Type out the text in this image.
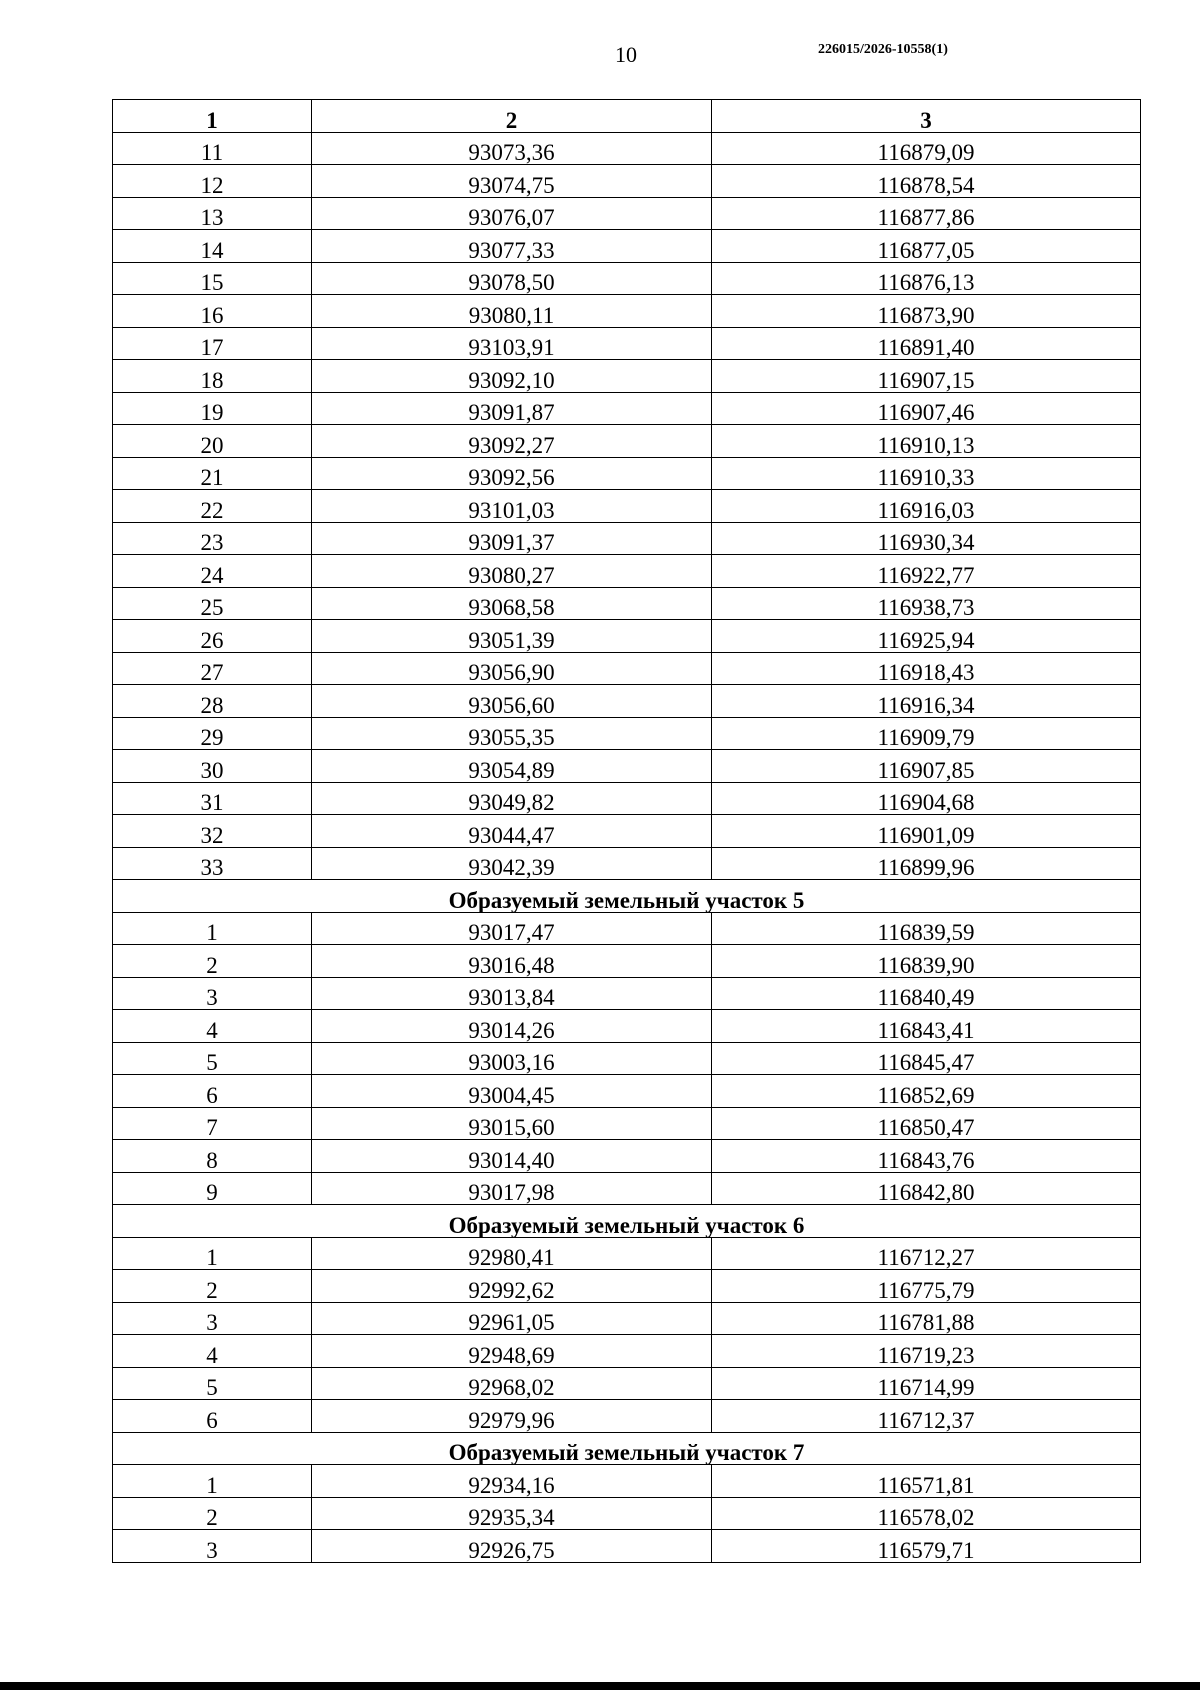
10	226015/2026-10558(1)
1	2	3
11	93073,36	116879,09
12	93074,75	116878,54
13	93076,07	116877,86
14	93077,33	116877,05
15	93078,50	116876,13
16	93080,11	116873,90
17	93103,91	116891,40
18	93092,10	116907,15
19	93091,87	116907,46
20	93092,27	116910,13
21	93092,56	116910,33
22	93101,03	116916,03
23	93091,37	116930,34
24	93080,27	116922,77
25	93068,58	116938,73
26	93051,39	116925,94
27	93056,90	116918,43
28	93056,60	116916,34
29	93055,35	116909,79
30	93054,89	116907,85
31	93049,82	116904,68
32	93044,47	116901,09
33	93042,39	116899,96
Образуемый земельный участок 5		
1	93017,47	116839,59
2	93016,48	116839,90
3	93013,84	116840,49
4	93014,26	116843,41
5	93003,16	116845,47
6	93004,45	116852,69
7	93015,60	116850,47
8	93014,40	116843,76
9	93017,98	116842,80
Образуемый земельный участок 6		
1	92980,41	116712,27
2	92992,62	116775,79
3	92961,05	116781,88
4	92948,69	116719,23
5	92968,02	116714,99
6	92979,96	116712,37
Образуемый земельный участок 7		
1	92934,16	116571,81
2	92935,34	116578,02
3	92926,75	116579,71
